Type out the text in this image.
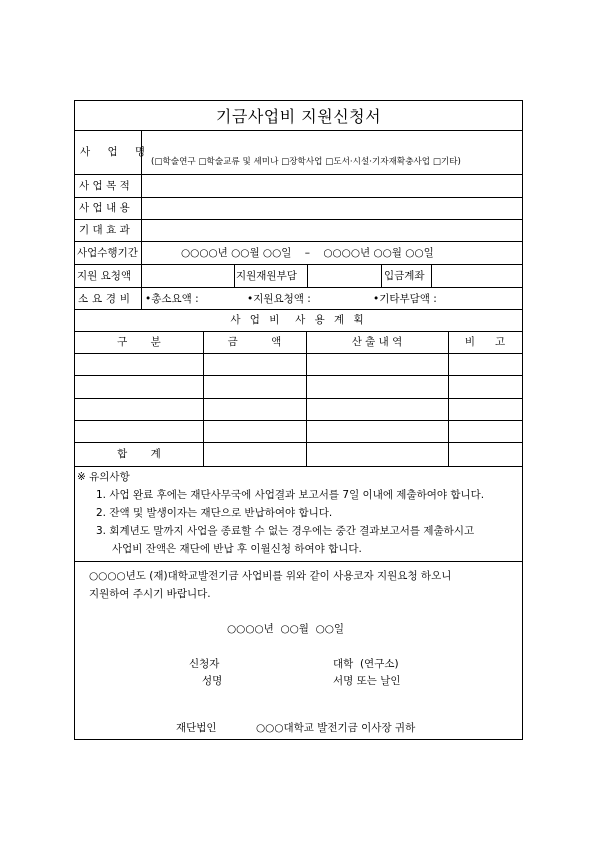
기금사업비 지원신청서
사 업 명
(□학술연구 □학술교류 및 세미나 □장학사업 □도서·시설·기자재확충사업 □기타)
사업목적
사업내용
기대효과
사업수행기간	○○○○년 ○○월 ○○일    –    ○○○○년 ○○월 ○○일
지원 요청액	지원재원부담	입금계좌
소요경비 •총소요액 :	•지원요청액 :	•기타부담액 :
사 업 비  사 용 계 획
구       분	금          액	산 출 내 역	비      고
합       계
※ 유의사항
1. 사업 완료 후에는 재단사무국에 사업결과 보고서를 7일 이내에 제출하여야 합니다.
2. 잔액 및 발생이자는 재단으로 반납하여야 합니다.
3. 회계년도 말까지 사업을 종료할 수 없는 경우에는 중간 결과보고서를 제출하시고
사업비 잔액은 재단에 반납 후 이월신청 하여야 합니다.
○○○○년도 (재)대학교발전기금 사업비를 위와 같이 사용코자 지원요청 하오니
지원하여 주시기 바랍니다.
○○○○년  ○○월  ○○일
신청자	대학  (연구소)
성명	서명 또는 날인
재단법인	○○○대학교 발전기금 이사장 귀하
